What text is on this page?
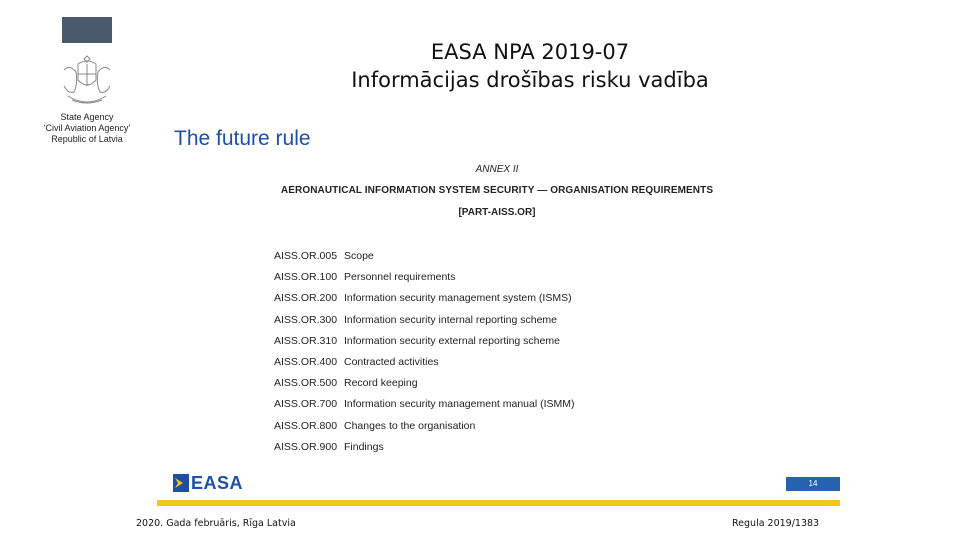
State Agency
‘Civil Aviation Agency’
Republic of Latvia
EASA NPA 2019-07
Informācijas drošības risku vadība
The future rule
ANNEX II
AERONAUTICAL INFORMATION SYSTEM SECURITY — ORGANISATION REQUIREMENTS
[PART-AISS.OR]
AISS.OR.005 Scope
AISS.OR.100 Personnel requirements
AISS.OR.200 Information security management system (ISMS)
AISS.OR.300 Information security internal reporting scheme
AISS.OR.310 Information security external reporting scheme
AISS.OR.400 Contracted activities
AISS.OR.500 Record keeping
AISS.OR.700 Information security management manual (ISMM)
AISS.OR.800 Changes to the organisation
AISS.OR.900 Findings
EASA	14
2020. Gada februāris, Rīga Latvia	Regula 2019/1383
